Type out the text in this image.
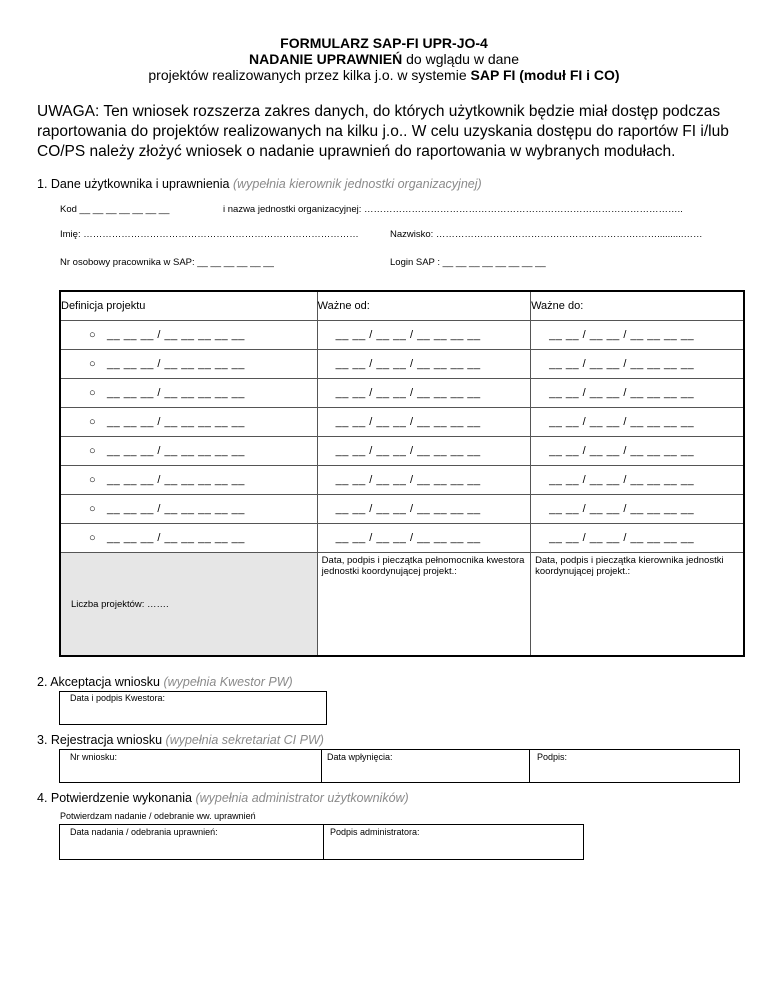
FORMULARZ SAP-FI UPR-JO-4
NADANIE UPRAWNIEŃ do wglądu w dane
projektów realizowanych przez kilka j.o. w systemie SAP FI (moduł FI i CO)
UWAGA: Ten wniosek rozszerza zakres danych, do których użytkownik będzie miał dostęp podczas raportowania do projektów realizowanych na kilku j.o.. W celu uzyskania dostępu do raportów FI i/lub CO/PS należy złożyć wniosek o nadanie uprawnień do raportowania w wybranych modułach.
1. Dane użytkownika i uprawnienia (wypełnia kierownik jednostki organizacyjnej)
Kod __ __ __ __ __ __ __	i nazwa jednostki organizacyjnej: ………………………………………………………………………………………..
Imię: ……………………………………………………………………………	Nazwisko: ……………………………………………………….……..........……
Nr osobowy pracownika w SAP: __ __ __ __ __ __	Login SAP : __ __ __ __ __ __ __ __
Definicja projektu	Ważne od:	Ważne do:
○ __ __ __ / __ __ __ __ __	__ __ / __ __ / __ __ __ __	__ __ / __ __ / __ __ __ __
○ __ __ __ / __ __ __ __ __	__ __ / __ __ / __ __ __ __	__ __ / __ __ / __ __ __ __
○ __ __ __ / __ __ __ __ __	__ __ / __ __ / __ __ __ __	__ __ / __ __ / __ __ __ __
○ __ __ __ / __ __ __ __ __	__ __ / __ __ / __ __ __ __	__ __ / __ __ / __ __ __ __
○ __ __ __ / __ __ __ __ __	__ __ / __ __ / __ __ __ __	__ __ / __ __ / __ __ __ __
○ __ __ __ / __ __ __ __ __	__ __ / __ __ / __ __ __ __	__ __ / __ __ / __ __ __ __
○ __ __ __ / __ __ __ __ __	__ __ / __ __ / __ __ __ __	__ __ / __ __ / __ __ __ __
○ __ __ __ / __ __ __ __ __	__ __ / __ __ / __ __ __ __	__ __ / __ __ / __ __ __ __
Liczba projektów: …….	Data, podpis i pieczątka pełnomocnika kwestora jednostki koordynującej projekt.:	Data, podpis i pieczątka kierownika jednostki koordynującej projekt.:
2. Akceptacja wniosku (wypełnia Kwestor PW)
Data i podpis Kwestora:
3. Rejestracja wniosku (wypełnia sekretariat CI PW)
Nr wniosku:	Data wpłynięcia:	Podpis:
4. Potwierdzenie wykonania (wypełnia administrator użytkowników)
Potwierdzam nadanie / odebranie ww. uprawnień
Data nadania / odebrania uprawnień:	Podpis administratora:
